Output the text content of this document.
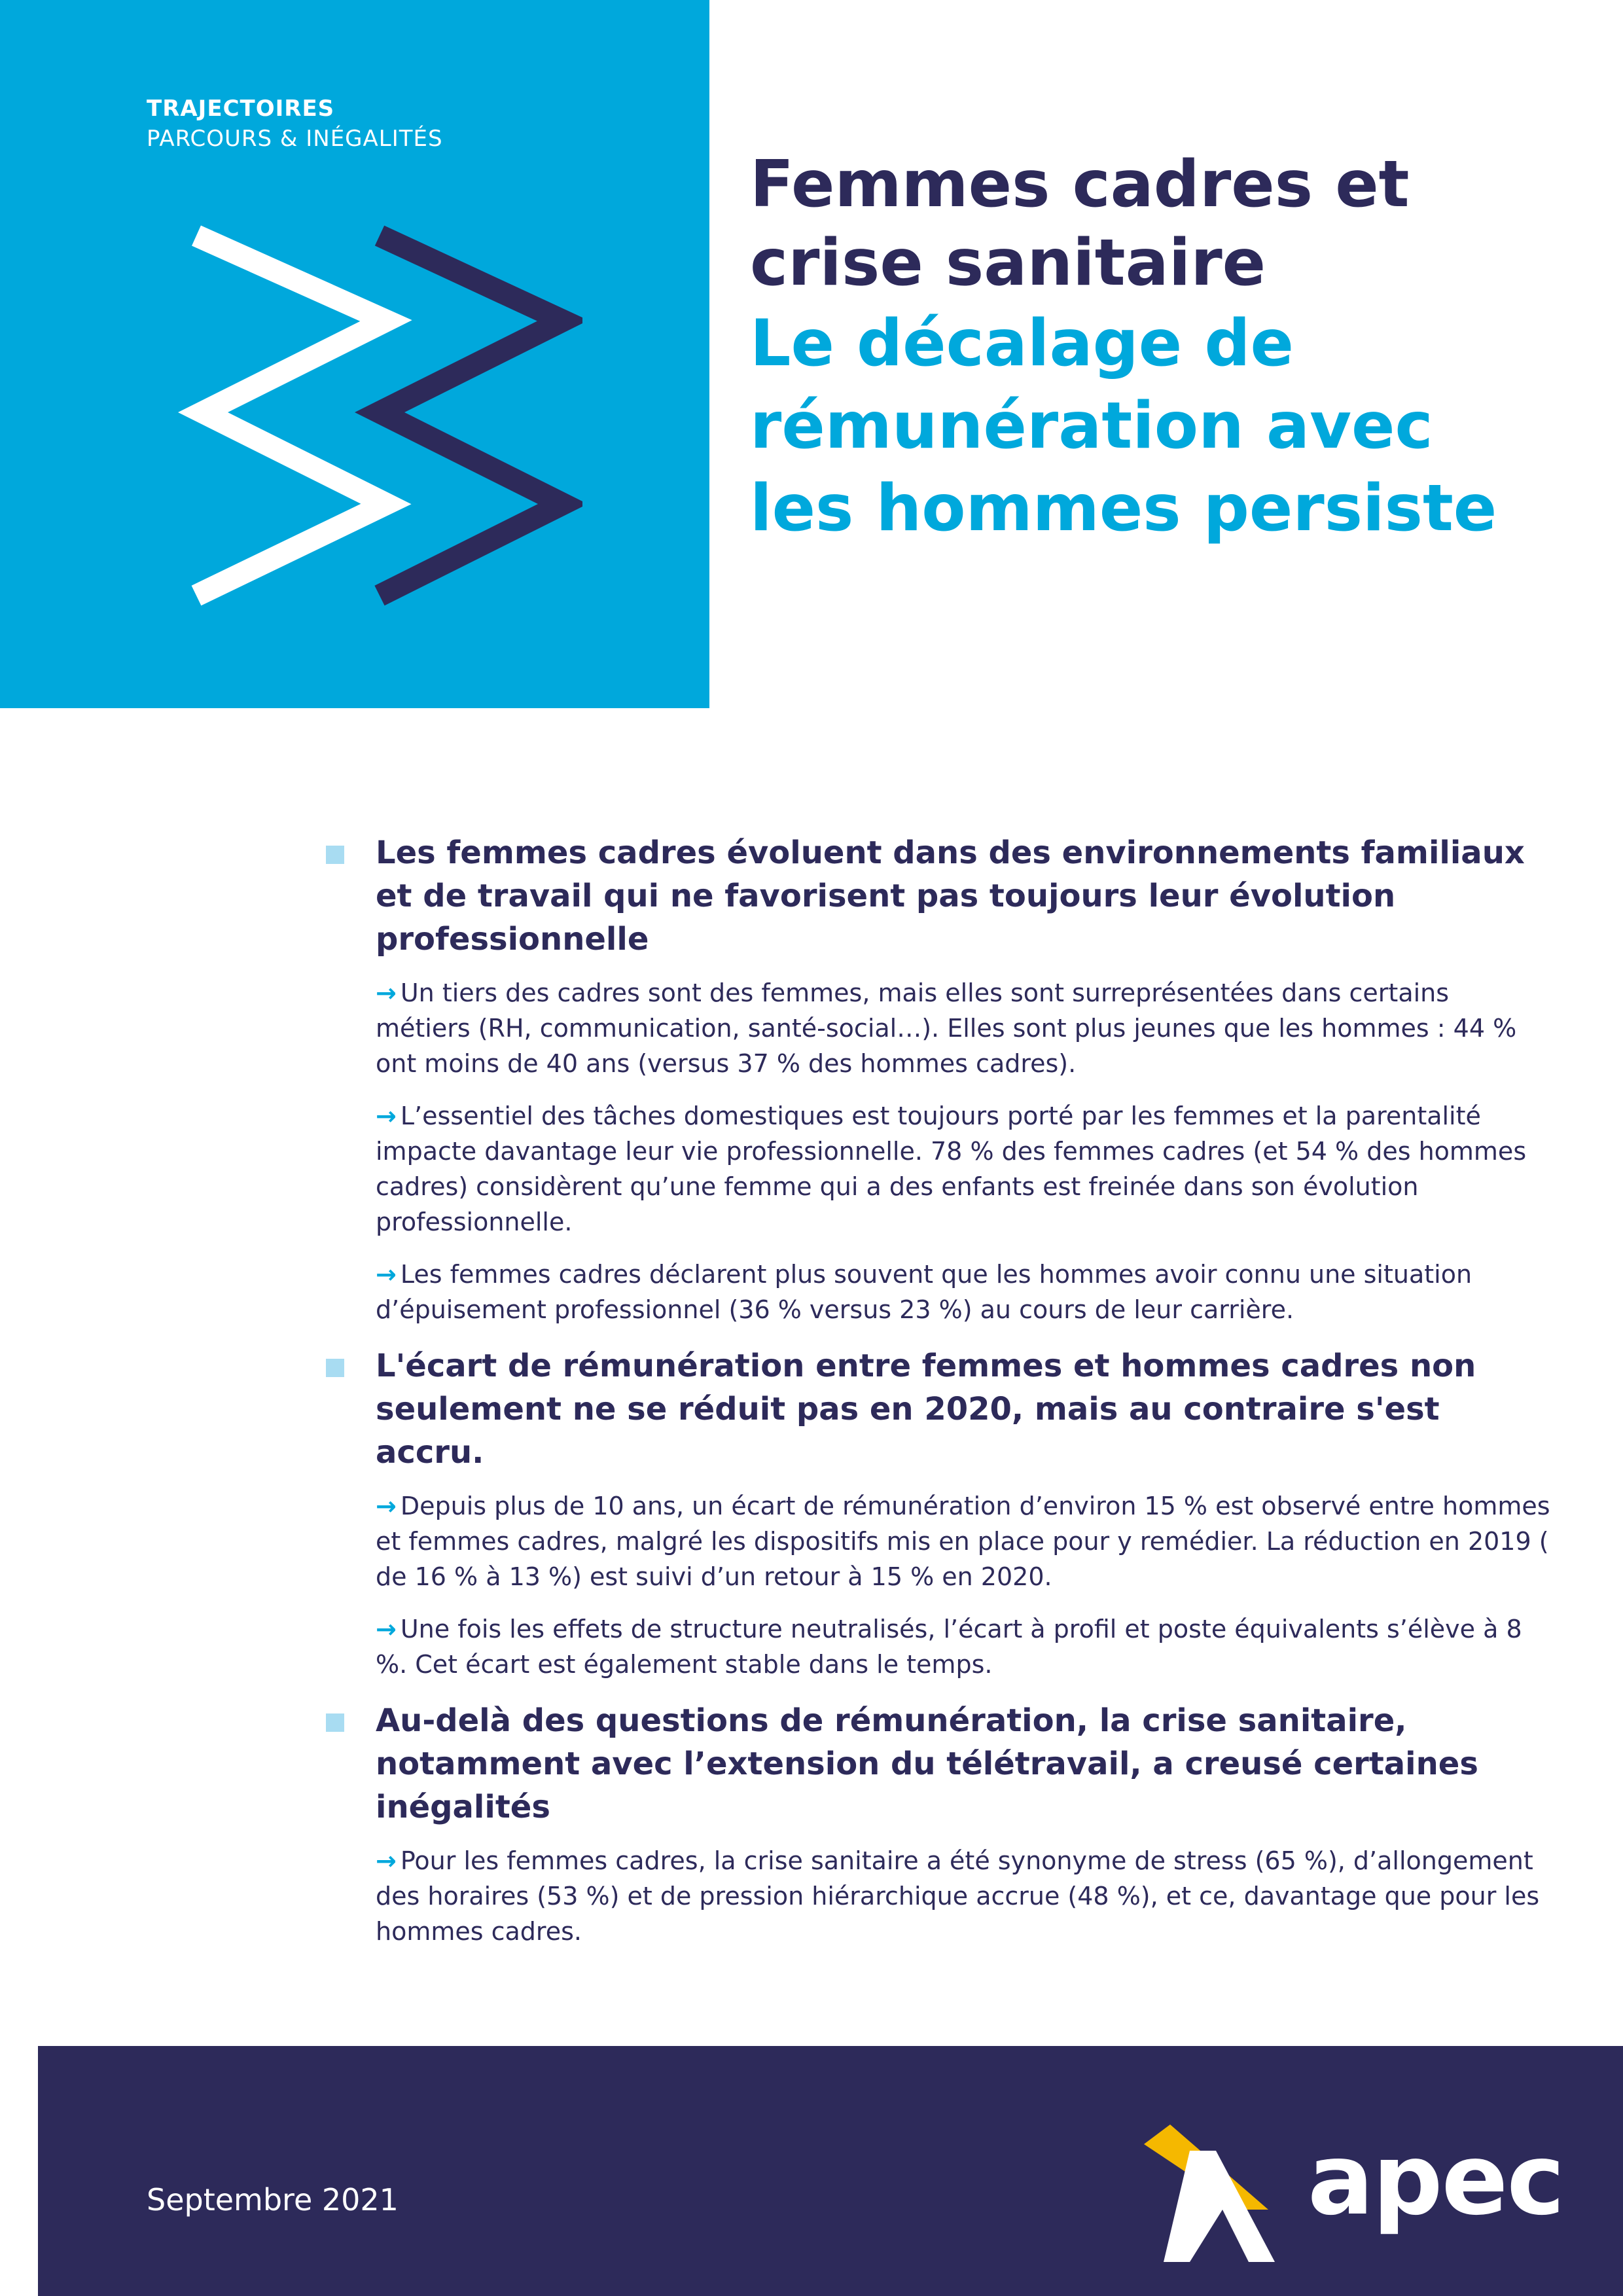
TRAJECTOIRES
PARCOURS & INÉGALITÉS
Femmes cadres et
crise sanitaire
Le décalage de
rémunération avec
les hommes persiste
Les femmes cadres évoluent dans des environnements familiaux et de travail qui ne favorisent pas toujours leur évolution professionnelle

→ Un tiers des cadres sont des femmes, mais elles sont surreprésentées dans certains métiers (RH, communication, santé-social…). Elles sont plus jeunes que les hommes : 44 % ont moins de 40 ans (versus 37 % des hommes cadres).

→ L’essentiel des tâches domestiques est toujours porté par les femmes et la parentalité impacte davantage leur vie professionnelle. 78 % des femmes cadres (et 54 % des hommes cadres) considèrent qu’une femme qui a des enfants est freinée dans son évolution professionnelle.

→ Les femmes cadres déclarent plus souvent que les hommes avoir connu une situation d’épuisement professionnel (36 % versus 23 %) au cours de leur carrière.

L'écart de rémunération entre femmes et hommes cadres non seulement ne se réduit pas en 2020, mais au contraire s'est accru.

→ Depuis plus de 10 ans, un écart de rémunération d’environ 15 % est observé entre hommes et femmes cadres, malgré les dispositifs mis en place pour y remédier. La réduction en 2019 ( de 16 % à 13 %) est suivi d’un retour à 15 % en 2020.

→ Une fois les effets de structure neutralisés, l’écart à profil et poste équivalents s’élève à 8 %. Cet écart est également stable dans le temps.

Au-delà des questions de rémunération, la crise sanitaire, notamment avec l’extension du télétravail, a creusé certaines inégalités

→ Pour les femmes cadres, la crise sanitaire a été synonyme de stress (65 %), d’allongement des horaires (53 %) et de pression hiérarchique accrue (48 %), et ce, davantage que pour les hommes cadres.

Septembre 2021	apec
